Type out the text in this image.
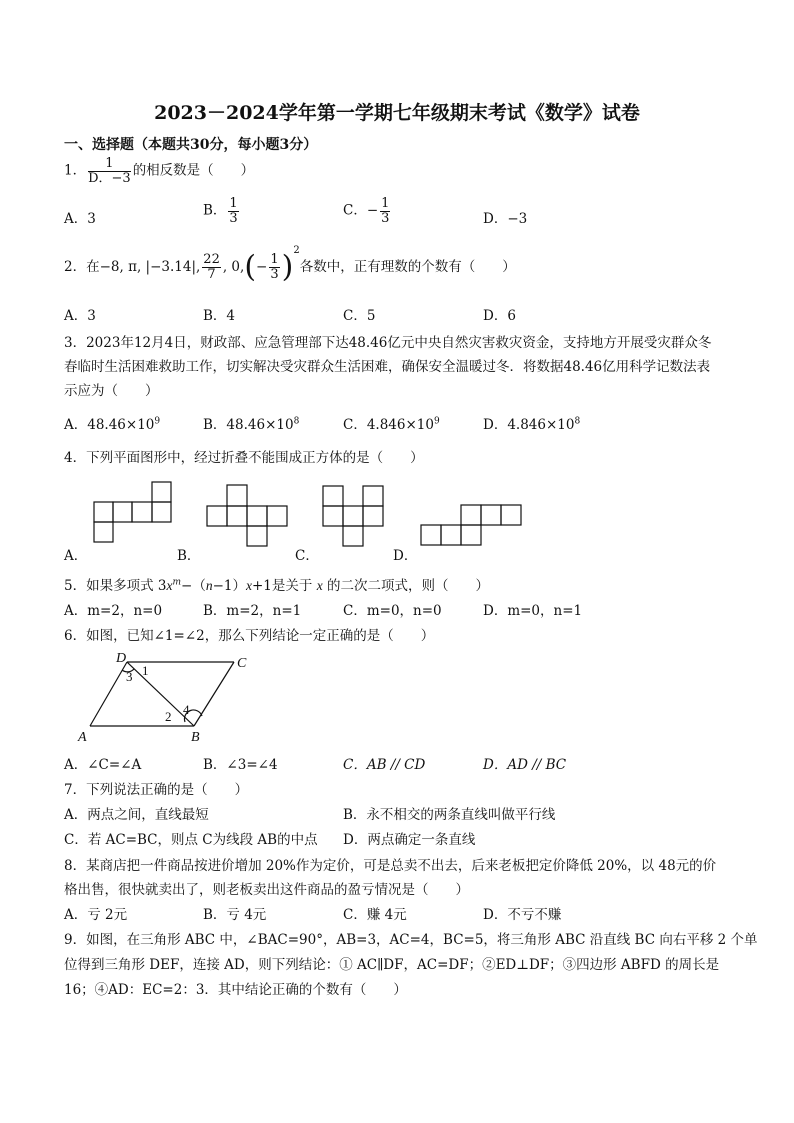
2023－2024学年第一学期七年级期末考试《数学》试卷
一、选择题（本题共30分，每小题3分）
1． $\frac{1}{D.-3}$ 的相反数是（　　）
A．3
B． $\frac{1}{3}$	C．− $\frac{1}{3}$	D．−3
2．在−8, π, |−3.14|, $\frac{22}{7}$ , $0,(- \frac{1}{3} )^2$各数中，正有理数的个数有（　　）
A．3	B．4	C．5	D．6
3．2023年12月4日，财政部、应急管理部下达48.46亿元中央自然灾害救灾资金，支持地方开展受灾群众冬
春临时生活困难救助工作，切实解决受灾群众生活困难，确保安全温暖过冬．将数据48.46亿用科学记数法表
示应为（　　）
A．$48.46\times 10^9$	B．$48.46\times 10^8$	C．$4.846\times 10^9$	D．$4.846\times 10^8$
4．下列平面图形中，经过折叠不能围成正方体的是（　　）
A．	B．	C．	D．
5．如果多项式 $3x^m-(n-1)x+1$是关于 x 的二次二项式，则（　　）
A．m=2，n=0	B．m=2，n=1	C．m=0，n=0	D．m=0，n=1
6．如图，已知∠1=∠2，那么下列结论一定正确的是（　　）
D	C
A	B
1
2
3
4
A．∠C=∠A	B．∠3=∠4	C．AB // CD	D．AD // BC
7．下列说法正确的是（　　）
A．两点之间，直线最短	B．永不相交的两条直线叫做平行线
C．若 AC=BC，则点 C为线段 AB的中点 D．两点确定一条直线
8．某商店把一件商品按进价增加 20%作为定价，可是总卖不出去，后来老板把定价降低 20%，以 48元的价
格出售，很快就卖出了，则老板卖出这件商品的盈亏情况是（　　）
A．亏 2元	B．亏 4元	C．赚 4元	D．不亏不赚
9．如图，在三角形 ABC 中，∠BAC=90°，AB=3，AC=4，BC=5，将三角形 ABC 沿直线 BC 向右平移 2 个单
位得到三角形 DEF，连接 AD，则下列结论：① AC∥DF，AC=DF；②ED⊥DF；③四边形 ABFD 的周长是
16；④AD：EC=2：3．其中结论正确的个数有（　　）
